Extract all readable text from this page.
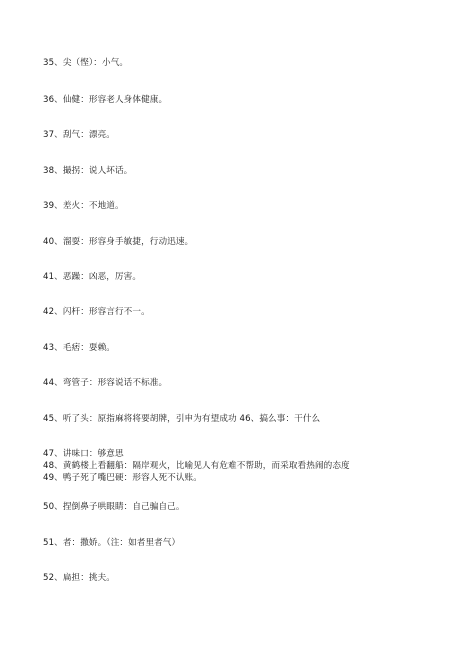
35、尖（悭）：小气。
36、仙健：形容老人身体健康。
37、刮气：漂亮。
38、撮拐：说人坏话。
39、差火：不地道。
40、溜耍：形容身手敏捷，行动迅速。
41、恶躁：凶恶，厉害。
42、闪杆：形容言行不一。
43、毛痞：耍赖。
44、弯管子：形容说话不标准。
45、听了头：原指麻将将要胡牌，引申为有望成功 46、搞么事：干什么
47、讲味口：够意思
48、黄鹤楼上看翻船：隔岸观火，比喻见人有危难不帮助，而采取看热闹的态度
49、鸭子死了嘴巴硬：形容人死不认账。
50、捏倒鼻子哄眼睛：自己骗自己。
51、者：撒娇。（注：如者里者气）
52、扁担：挑夫。
